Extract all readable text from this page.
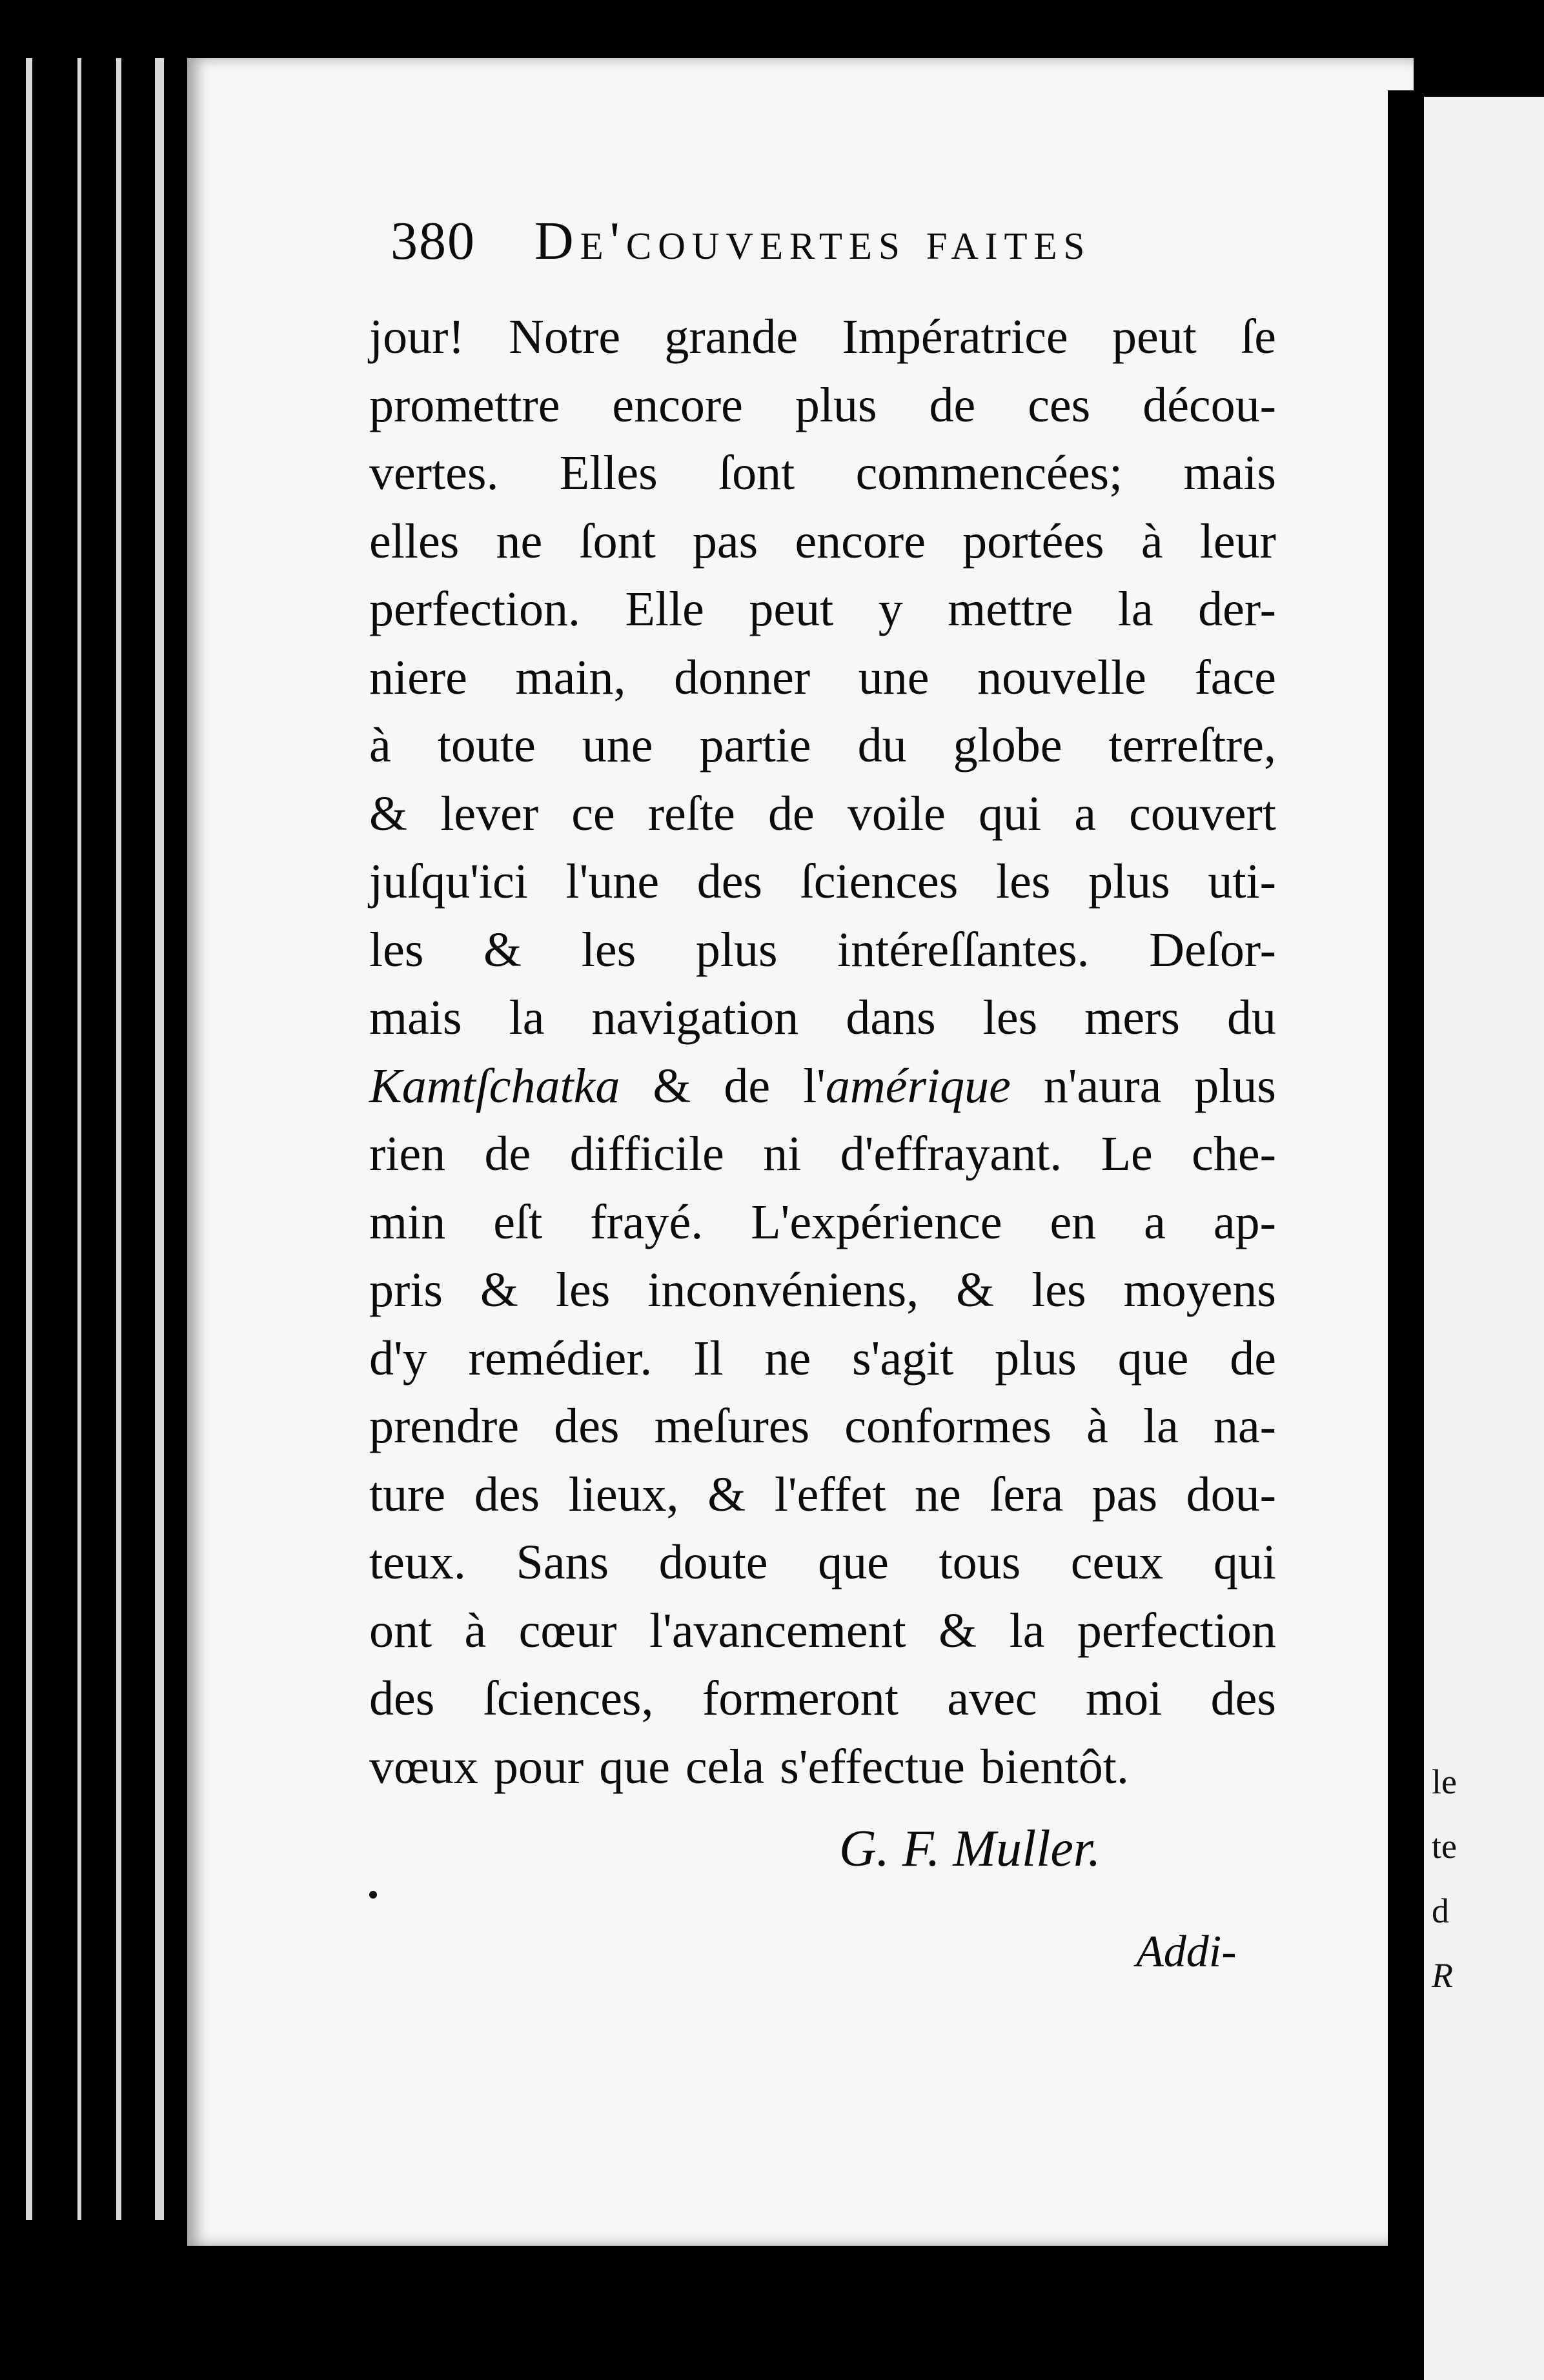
le
te
d
R
380 De'couvertes faites
jour! Notre grande Impératrice peut ſe
promettre encore plus de ces décou-
vertes. Elles ſont commencées; mais
elles ne ſont pas encore portées à leur
perfection. Elle peut y mettre la der-
niere main, donner une nouvelle face
à toute une partie du globe terreſtre,
& lever ce reſte de voile qui a couvert
juſqu'ici l'une des ſciences les plus uti-
les & les plus intéreſſantes. Deſor-
mais la navigation dans les mers du
Kamtſchatka & de l'amérique n'aura plus
rien de difficile ni d'effrayant. Le che-
min eſt frayé. L'expérience en a ap-
pris & les inconvéniens, & les moyens
d'y remédier. Il ne s'agit plus que de
prendre des meſures conformes à la na-
ture des lieux, & l'effet ne ſera pas dou-
teux. Sans doute que tous ceux qui
ont à cœur l'avancement & la perfection
des ſciences, formeront avec moi des
vœux pour que cela s'effectue bientôt.
G. F. Muller.
Addi-
